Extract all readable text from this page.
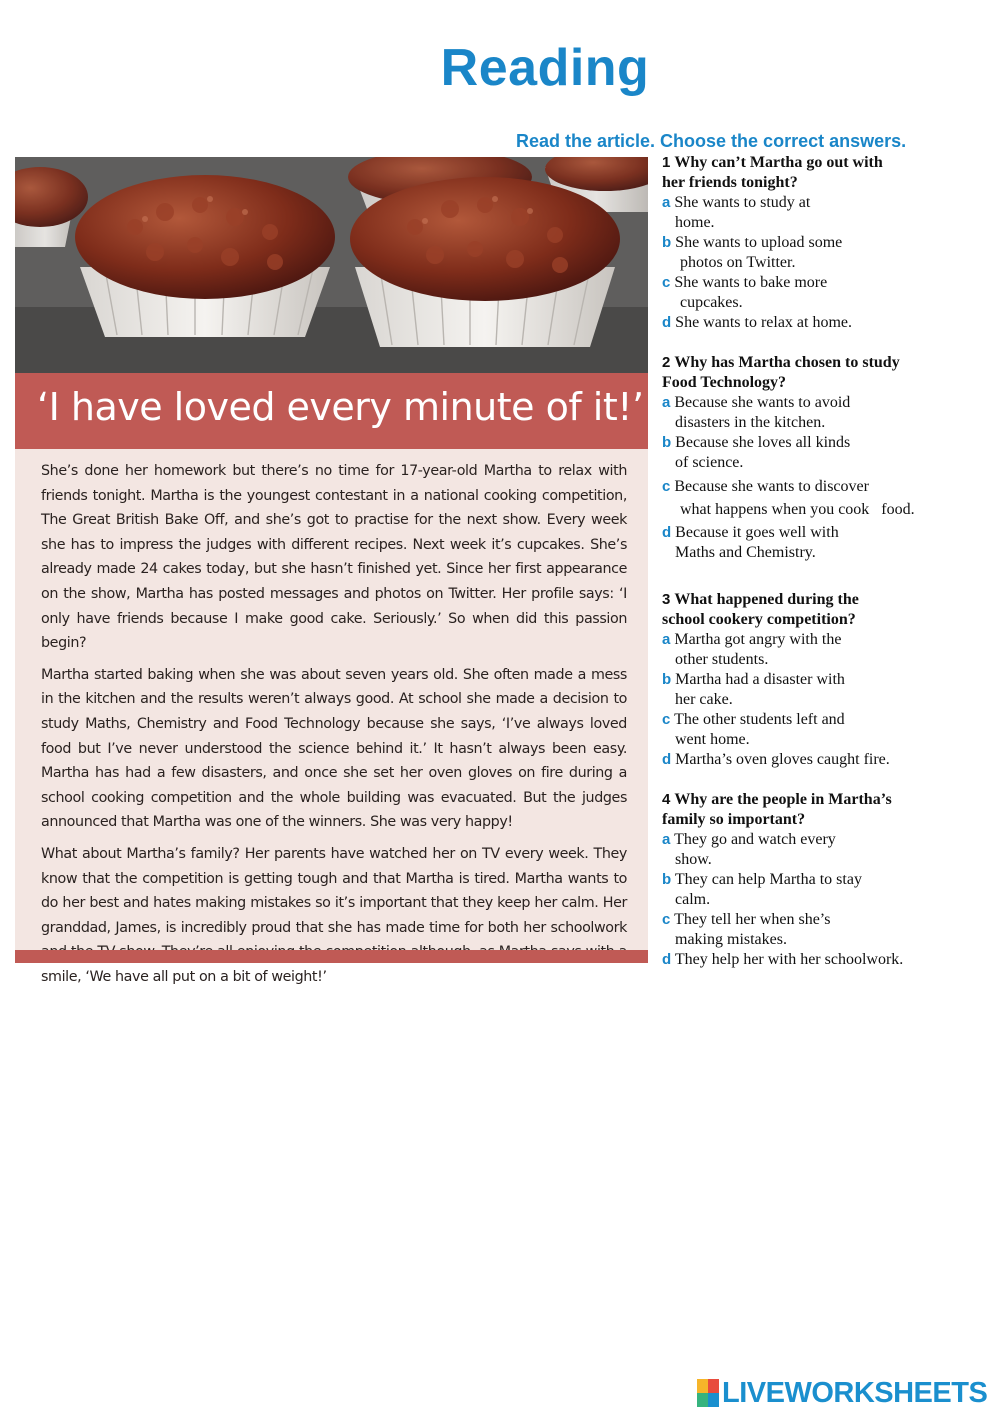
Reading
Read the article. Choose the correct answers.
‘I have loved every minute of it!’

She’s done her homework but there’s no time for 17-year-old Martha to relax with friends tonight. Martha is the youngest contestant in a national cooking competition, The Great British Bake Off, and she’s got to practise for the next show. Every week she has to impress the judges with different recipes. Next week it’s cupcakes. She’s already made 24 cakes today, but she hasn’t finished yet. Since her first appearance on the show, Martha has posted messages and photos on Twitter. Her profile says: ‘I only have friends because I make good cake. Seriously.’ So when did this passion begin?

Martha started baking when she was about seven years old. She often made a mess in the kitchen and the results weren’t always good. At school she made a decision to study Maths, Chemistry and Food Technology because she says, ‘I’ve always loved food but I’ve never understood the science behind it.’ It hasn’t always been easy. Martha has had a few disasters, and once she set her oven gloves on fire during a school cooking competition and the whole building was evacuated. But the judges announced that Martha was one of the winners. She was very happy!

What about Martha’s family? Her parents have watched her on TV every week. They know that the competition is getting tough and that Martha is tired. Martha wants to do her best and hates making mistakes so it’s important that they keep her calm. Her granddad, James, is incredibly proud that she has made time for both her schoolwork smile, ‘We have all put on a bit of weight!’

1 Why can’t Martha go out with
her friends tonight?
a She wants to study at
home.
b She wants to upload some
photos on Twitter.
c She wants to bake more
cupcakes.
d She wants to relax at home.
2 Why has Martha chosen to study
Food Technology?
a Because she wants to avoid
disasters in the kitchen.
b Because she loves all kinds
of science.
c Because she wants to discover
what happens when you cook   food.
d Because it goes well with
Maths and Chemistry.
3 What happened during the
school cookery competition?
a Martha got angry with the
other students.
b Martha had a disaster with
her cake.
c The other students left and
went home.
d Martha’s oven gloves caught fire.
4 Why are the people in Martha’s
family so important?
a They go and watch every
show.
b They can help Martha to stay
calm.
c They tell her when she’s
making mistakes.
d They help her with her schoolwork.
LIVEWORKSHEETS
